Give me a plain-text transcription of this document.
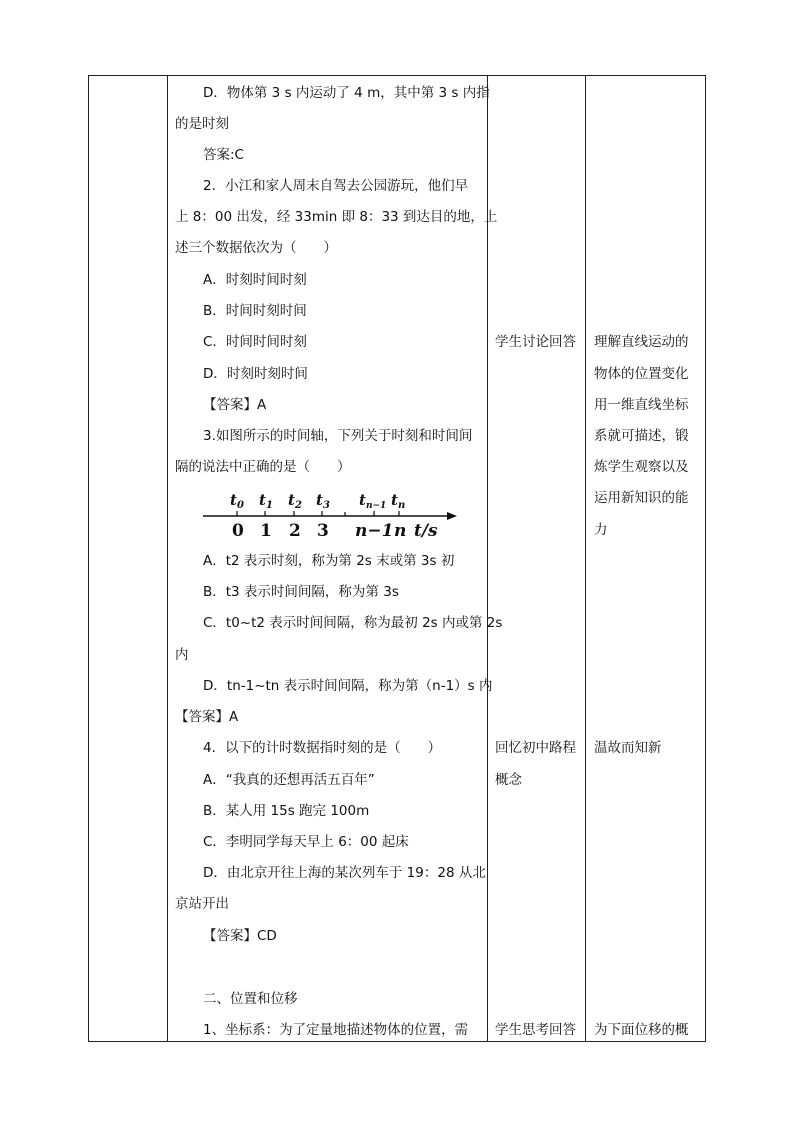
D．物体第 3 s 内运动了 4 m，其中第 3 s 内指
的是时刻
答案:C
2．小江和家人周末自驾去公园游玩，他们早
上 8：00 出发，经 33min 即 8：33 到达目的地，上
述三个数据依次为（　　）
A．时刻时间时刻
B．时间时刻时间
C．时间时间时刻
D．时刻时刻时间
【答案】A
3.如图所示的时间轴，下列关于时刻和时间间
隔的说法中正确的是（　　）
$t_0$ $t_1$ $t_2$ $t_3$ $t_{n-1}$ $t_n$
0 1 2 3 n−1 n t/s
A．t2 表示时刻，称为第 2s 末或第 3s 初
B．t3 表示时间间隔，称为第 3s
C．t0~t2 表示时间间隔，称为最初 2s 内或第 2s
内
D．tn-1~tn 表示时间间隔，称为第（n-1）s 内
【答案】A
4．以下的计时数据指时刻的是（　　）
A．“我真的还想再活五百年”
B．某人用 15s 跑完 100m
C．李明同学每天早上 6：00 起床
D．由北京开往上海的某次列车于 19：28 从北
京站开出
【答案】CD
二、位置和位移
1、坐标系：为了定量地描述物体的位置，需
学生讨论回答
回忆初中路程
概念
学生思考回答
理解直线运动的
物体的位置变化
用一维直线坐标
系就可描述，锻
炼学生观察以及
运用新知识的能
力
温故而知新
为下面位移的概
